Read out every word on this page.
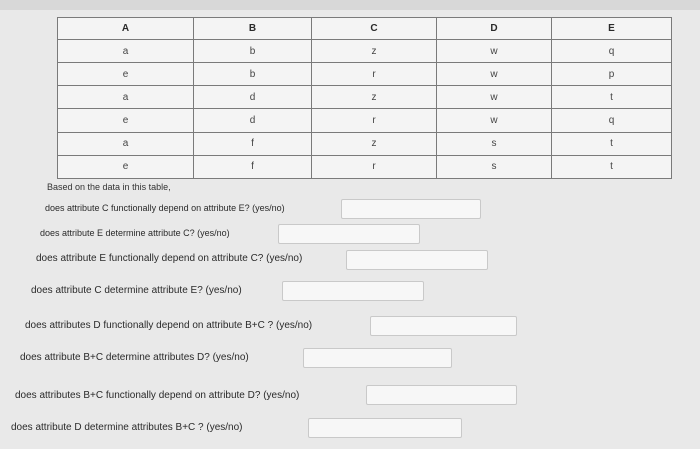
A	B	C	D	E
a	b	z	w	q
e	b	r	w	p
a	d	z	w	t
e	d	r	w	q
a	f	z	s	t
e	f	r	s	t
Based on the data in this table,
does attribute C functionally depend on attribute E? (yes/no)
does attribute E determine attribute C? (yes/no)
does attribute E functionally depend on attribute C? (yes/no)
does attribute C determine attribute E? (yes/no)
does attributes D functionally depend on attribute B+C ? (yes/no)
does attribute B+C determine attributes D? (yes/no)
does attributes B+C functionally depend on attribute D? (yes/no)
does attribute D determine attributes B+C ? (yes/no)
